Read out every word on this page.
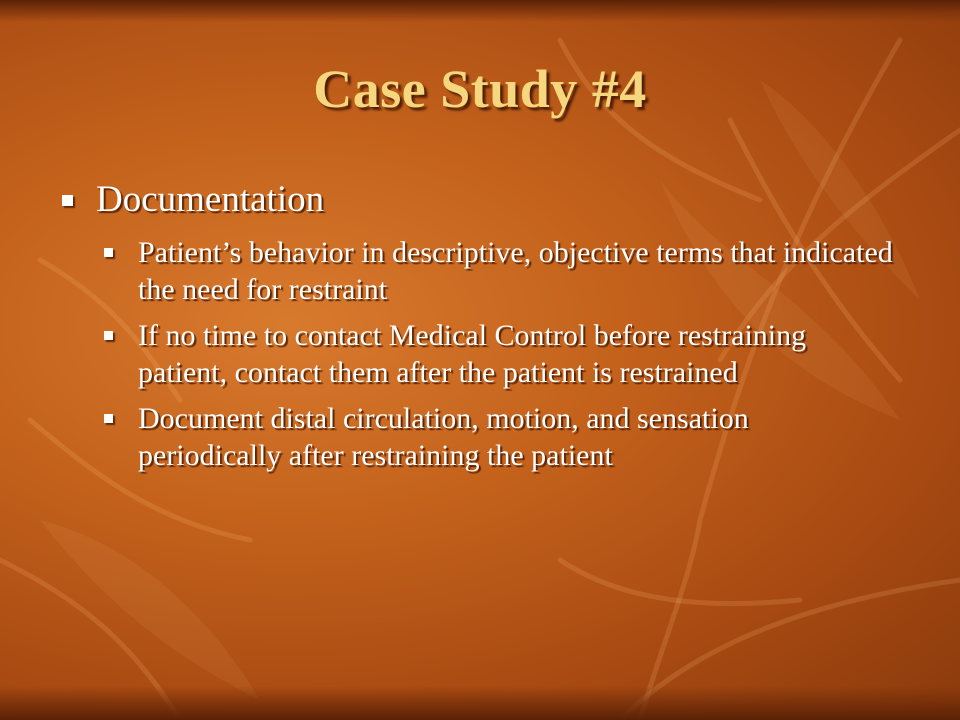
Case Study #4
Documentation
Patient’s behavior in descriptive, objective terms that indicated the need for restraint
If no time to contact Medical Control before restraining patient, contact them after the patient is restrained
Document distal circulation, motion, and sensation periodically after restraining the patient
